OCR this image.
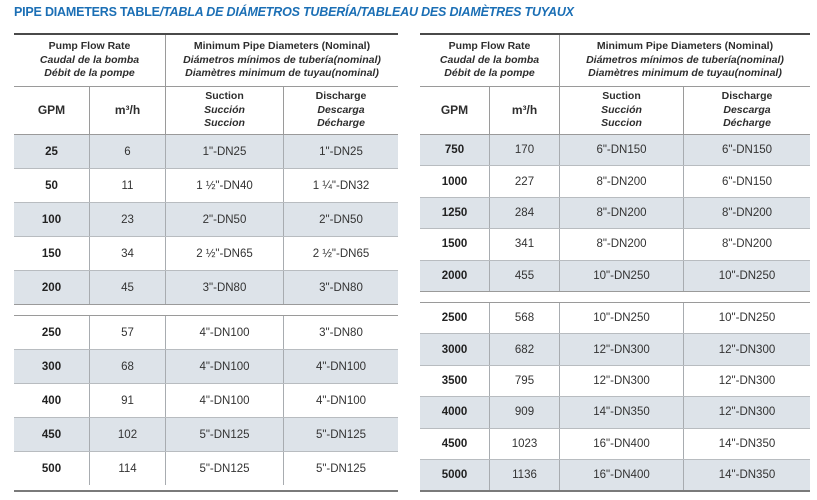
PIPE DIAMETERS TABLE/TABLA DE DIÁMETROS TUBERÍA/TABLEAU DES DIAMÈTRES TUYAUX
Pump Flow Rate
Caudal de la bomba
Débit de la pompe
Minimum Pipe Diameters (Nominal)
Diámetros mínimos de tubería(nominal)
Diamètres minimum de tuyau(nominal)
GPM	m³/h
Suction
Succión
Succion
Discharge
Descarga
Décharge
25	6	1"-DN25	1"-DN25
50	11	1 ½"-DN40	1 ¼"-DN32
100	23	2"-DN50	2"-DN50
150	34	2 ½"-DN65	2 ½"-DN65
200	45	3"-DN80	3"-DN80
250	57	4"-DN100	3"-DN80
300	68	4"-DN100	4"-DN100
400	91	4"-DN100	4"-DN100
450	102	5"-DN125	5"-DN125
500	114	5"-DN125	5"-DN125
Pump Flow Rate
Caudal de la bomba
Débit de la pompe
Minimum Pipe Diameters (Nominal)
Diámetros mínimos de tubería(nominal)
Diamètres minimum de tuyau(nominal)
GPM	m³/h
Suction
Succión
Succion
Discharge
Descarga
Décharge
750	170	6"-DN150	6"-DN150
1000	227	8"-DN200	6"-DN150
1250	284	8"-DN200	8"-DN200
1500	341	8"-DN200	8"-DN200
2000	455	10"-DN250	10"-DN250
2500	568	10"-DN250	10"-DN250
3000	682	12"-DN300	12"-DN300
3500	795	12"-DN300	12"-DN300
4000	909	14"-DN350	12"-DN300
4500	1023	16"-DN400	14"-DN350
5000	1136	16"-DN400	14"-DN350
